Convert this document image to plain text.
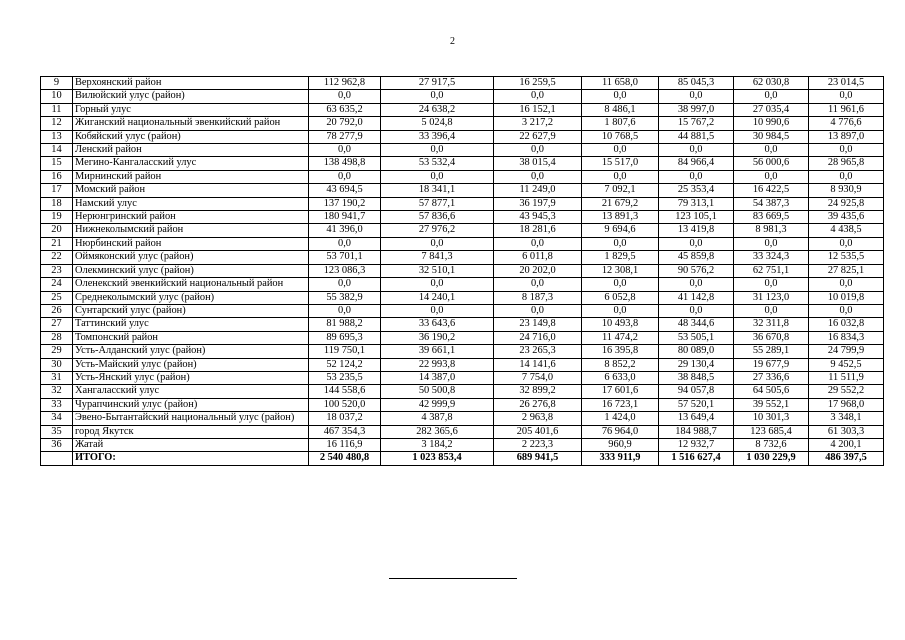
2
9	Верхоянский район	112 962,8	27 917,5	16 259,5	11 658,0	85 045,3	62 030,8	23 014,5
10	Вилюйский улус (район)	0,0	0,0	0,0	0,0	0,0	0,0	0,0
11	Горный улус	63 635,2	24 638,2	16 152,1	8 486,1	38 997,0	27 035,4	11 961,6
12	Жиганский национальный эвенкийский район	20 792,0	5 024,8	3 217,2	1 807,6	15 767,2	10 990,6	4 776,6
13	Кобяйский улус (район)	78 277,9	33 396,4	22 627,9	10 768,5	44 881,5	30 984,5	13 897,0
14	Ленский район	0,0	0,0	0,0	0,0	0,0	0,0	0,0
15	Мегино-Кангаласский улус	138 498,8	53 532,4	38 015,4	15 517,0	84 966,4	56 000,6	28 965,8
16	Мирнинский район	0,0	0,0	0,0	0,0	0,0	0,0	0,0
17	Момский район	43 694,5	18 341,1	11 249,0	7 092,1	25 353,4	16 422,5	8 930,9
18	Намский улус	137 190,2	57 877,1	36 197,9	21 679,2	79 313,1	54 387,3	24 925,8
19	Нерюнгринский район	180 941,7	57 836,6	43 945,3	13 891,3	123 105,1	83 669,5	39 435,6
20	Нижнеколымский район	41 396,0	27 976,2	18 281,6	9 694,6	13 419,8	8 981,3	4 438,5
21	Нюрбинский район	0,0	0,0	0,0	0,0	0,0	0,0	0,0
22	Оймяконский улус (район)	53 701,1	7 841,3	6 011,8	1 829,5	45 859,8	33 324,3	12 535,5
23	Олекминский улус (район)	123 086,3	32 510,1	20 202,0	12 308,1	90 576,2	62 751,1	27 825,1
24	Оленекский эвенкийский национальный район	0,0	0,0	0,0	0,0	0,0	0,0	0,0
25	Среднеколымский улус (район)	55 382,9	14 240,1	8 187,3	6 052,8	41 142,8	31 123,0	10 019,8
26	Сунтарский улус (район)	0,0	0,0	0,0	0,0	0,0	0,0	0,0
27	Таттинский улус	81 988,2	33 643,6	23 149,8	10 493,8	48 344,6	32 311,8	16 032,8
28	Томпонский район	89 695,3	36 190,2	24 716,0	11 474,2	53 505,1	36 670,8	16 834,3
29	Усть-Алданский улус (район)	119 750,1	39 661,1	23 265,3	16 395,8	80 089,0	55 289,1	24 799,9
30	Усть-Майский улус (район)	52 124,2	22 993,8	14 141,6	8 852,2	29 130,4	19 677,9	9 452,5
31	Усть-Янский улус (район)	53 235,5	14 387,0	7 754,0	6 633,0	38 848,5	27 336,6	11 511,9
32	Хангаласский улус	144 558,6	50 500,8	32 899,2	17 601,6	94 057,8	64 505,6	29 552,2
33	Чурапчинский улус (район)	100 520,0	42 999,9	26 276,8	16 723,1	57 520,1	39 552,1	17 968,0
34	Эвено-Бытантайский национальный улус (район)	18 037,2	4 387,8	2 963,8	1 424,0	13 649,4	10 301,3	3 348,1
35	город Якутск	467 354,3	282 365,6	205 401,6	76 964,0	184 988,7	123 685,4	61 303,3
36	Жатай	16 116,9	3 184,2	2 223,3	960,9	12 932,7	8 732,6	4 200,1
	ИТОГО:	2 540 480,8	1 023 853,4	689 941,5	333 911,9	1 516 627,4	1 030 229,9	486 397,5
